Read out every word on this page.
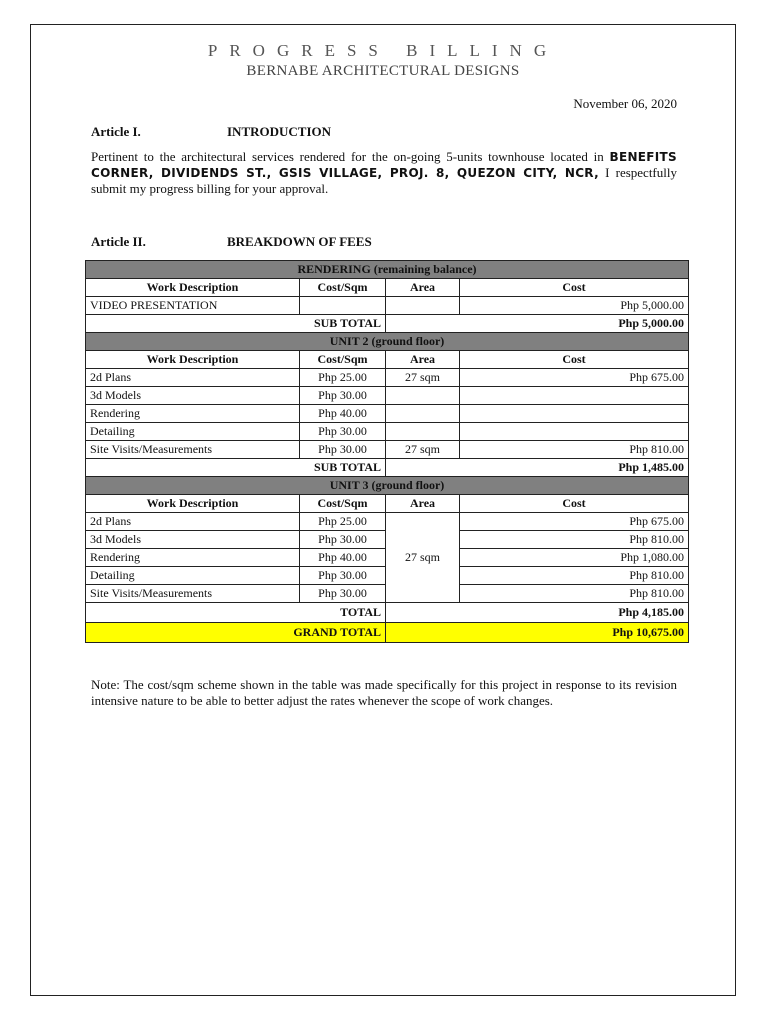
PROGRESS BILLING
BERNABE ARCHITECTURAL DESIGNS
November 06, 2020
Article I.	INTRODUCTION
Pertinent to the architectural services rendered for the on-going 5-units townhouse located in BENEFITS CORNER, DIVIDENDS ST., GSIS VILLAGE, PROJ. 8, QUEZON CITY, NCR, I respectfully submit my progress billing for your approval.
Article II.	BREAKDOWN OF FEES
RENDERING (remaining balance)			
Work Description	Cost/Sqm	Area	Cost
VIDEO PRESENTATION			Php 5,000.00
SUB TOTAL		Php 5,000.00	
UNIT 2 (ground floor)			
Work Description	Cost/Sqm	Area	Cost
2d Plans	Php 25.00	27 sqm	Php 675.00
3d Models	Php 30.00		
Rendering	Php 40.00		
Detailing	Php 30.00		
Site Visits/Measurements	Php 30.00	27 sqm	Php 810.00
SUB TOTAL		Php 1,485.00	
UNIT 3 (ground floor)			
Work Description	Cost/Sqm	Area	Cost
2d Plans	Php 25.00	27 sqm	Php 675.00
3d Models	Php 30.00		Php 810.00
Rendering	Php 40.00		Php 1,080.00
Detailing	Php 30.00		Php 810.00
Site Visits/Measurements	Php 30.00		Php 810.00
TOTAL		Php 4,185.00	
GRAND TOTAL		Php 10,675.00	
Note: The cost/sqm scheme shown in the table was made specifically for this project in response to its revision intensive nature to be able to better adjust the rates whenever the scope of work changes.
